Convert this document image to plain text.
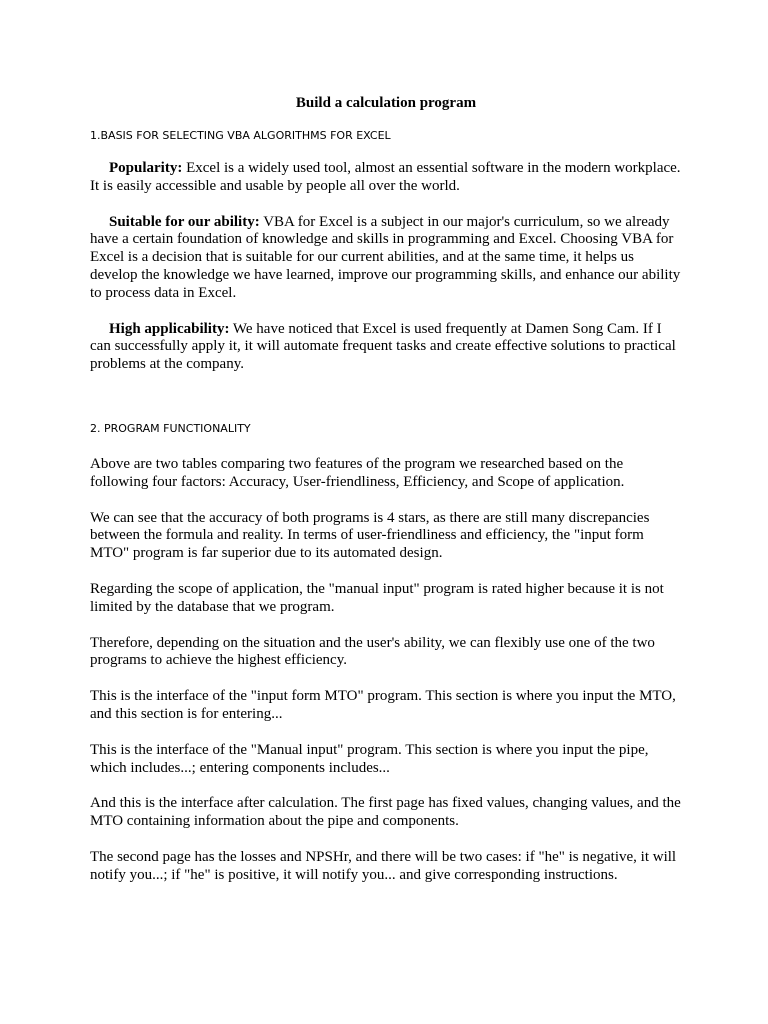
Build a calculation program
1.BASIS FOR SELECTING VBA ALGORITHMS FOR EXCEL

Popularity: Excel is a widely used tool, almost an essential software in the modern workplace. It is easily accessible and usable by people all over the world.

Suitable for our ability: VBA for Excel is a subject in our major's curriculum, so we already have a certain foundation of knowledge and skills in programming and Excel. Choosing VBA for Excel is a decision that is suitable for our current abilities, and at the same time, it helps us develop the knowledge we have learned, improve our programming skills, and enhance our ability to process data in Excel.

High applicability: We have noticed that Excel is used frequently at Damen Song Cam. If I can successfully apply it, it will automate frequent tasks and create effective solutions to practical problems at the company.

2. PROGRAM FUNCTIONALITY

Above are two tables comparing two features of the program we researched based on the following four factors: Accuracy, User-friendliness, Efficiency, and Scope of application.

We can see that the accuracy of both programs is 4 stars, as there are still many discrepancies between the formula and reality. In terms of user-friendliness and efficiency, the "input form MTO" program is far superior due to its automated design.

Regarding the scope of application, the "manual input" program is rated higher because it is not limited by the database that we program.

Therefore, depending on the situation and the user's ability, we can flexibly use one of the two programs to achieve the highest efficiency.

This is the interface of the "input form MTO" program. This section is where you input the MTO, and this section is for entering...

This is the interface of the "Manual input" program. This section is where you input the pipe, which includes...; entering components includes...

And this is the interface after calculation. The first page has fixed values, changing values, and the MTO containing information about the pipe and components.

The second page has the losses and NPSHr, and there will be two cases: if "he" is negative, it will notify you...; if "he" is positive, it will notify you... and give corresponding instructions.
